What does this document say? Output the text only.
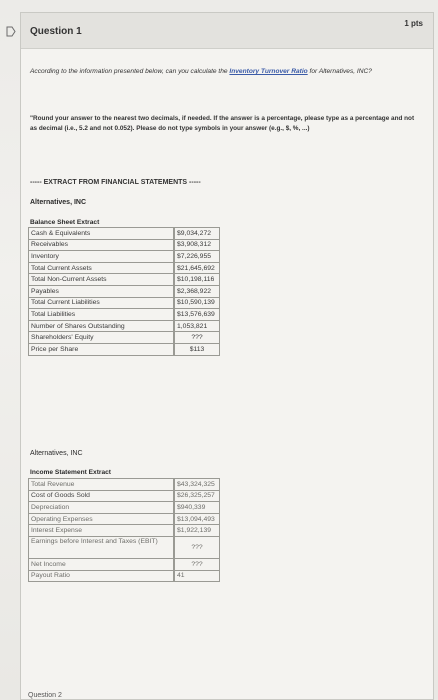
Question 1
1 pts
According to the information presented below, can you calculate the Inventory Turnover Ratio for Alternatives, INC?
"Round your answer to the nearest two decimals, if needed. If the answer is a percentage, please type as a percentage and not as decimal (i.e., 5.2 and not 0.052). Please do not type symbols in your answer (e.g., $, %, ...)
----- EXTRACT FROM FINANCIAL STATEMENTS -----
Alternatives, INC
Balance Sheet Extract
Cash & Equivalents		$9,034,272
Receivables		$3,908,312
Inventory		$7,226,955
Total Current Assets		$21,645,692
Total Non-Current Assets		$10,198,116
Payables		$2,368,922
Total Current Liabilities		$10,590,139
Total Liabilities		$13,576,639
Number of Shares Outstanding		1,053,821
Shareholders' Equity		???
Price per Share		$113
Alternatives, INC
Income Statement Extract
Total Revenue		$43,324,325
Cost of Goods Sold		$26,325,257
Depreciation		$940,339
Operating Expenses		$13,094,493
Interest Expense		$1,922,139
Earnings before Interest and Taxes (EBIT)		???
Net Income		???
Payout Ratio		41
Question 2
